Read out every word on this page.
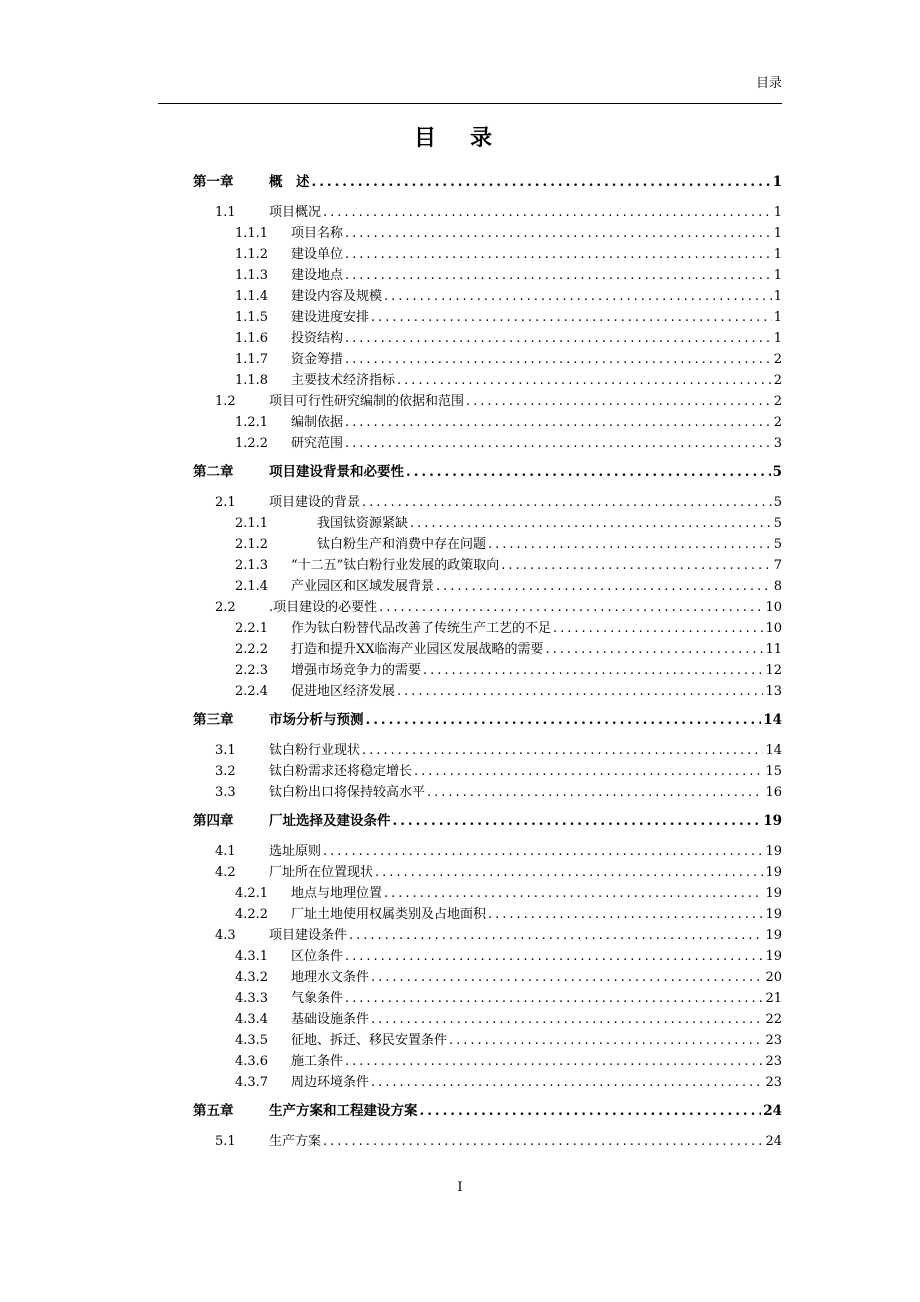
目录
目录
第一章	概　述 .....	1
1.1	项目概况 .....	1
1.1.1	项目名称 .....	1
1.1.2	建设单位 .....	1
1.1.3	建设地点 .....	1
1.1.4	建设内容及规模 .....	1
1.1.5	建设进度安排 .....	1
1.1.6	投资结构 .....	1
1.1.7	资金筹措 .....	2
1.1.8	主要技术经济指标 .....	2
1.2	项目可行性研究编制的依据和范围 .....	2
1.2.1	编制依据 .....	2
1.2.2	研究范围 .....	3
第二章	项目建设背景和必要性 .....	5
2.1	项目建设的背景 .....	5
2.1.1	　　我国钛资源紧缺 .....	5
2.1.2	　　钛白粉生产和消费中存在问题 .....	5
2.1.3	“十二五”钛白粉行业发展的政策取向 .....	7
2.1.4	产业园区和区域发展背景 .....	8
2.2	.项目建设的必要性 .....	10
2.2.1	作为钛白粉替代品改善了传统生产工艺的不足 .....	10
2.2.2	打造和提升XX临海产业园区发展战略的需要 .....	11
2.2.3	增强市场竞争力的需要 .....	12
2.2.4	促进地区经济发展 .....	13
第三章	市场分析与预测 .....	14
3.1	钛白粉行业现状 .....	14
3.2	钛白粉需求还将稳定增长 .....	15
3.3	钛白粉出口将保持较高水平 .....	16
第四章	厂址选择及建设条件 .....	19
4.1	选址原则 .....	19
4.2	厂址所在位置现状 .....	19
4.2.1	地点与地理位置 .....	19
4.2.2	厂址土地使用权属类别及占地面积 .....	19
4.3	项目建设条件 .....	19
4.3.1	区位条件 .....	19
4.3.2	地理水文条件 .....	20
4.3.3	气象条件 .....	21
4.3.4	基础设施条件 .....	22
4.3.5	征地、拆迁、移民安置条件 .....	23
4.3.6	施工条件 .....	23
4.3.7	周边环境条件 .....	23
第五章	生产方案和工程建设方案 .....	24
5.1	生产方案 .....	24
I
